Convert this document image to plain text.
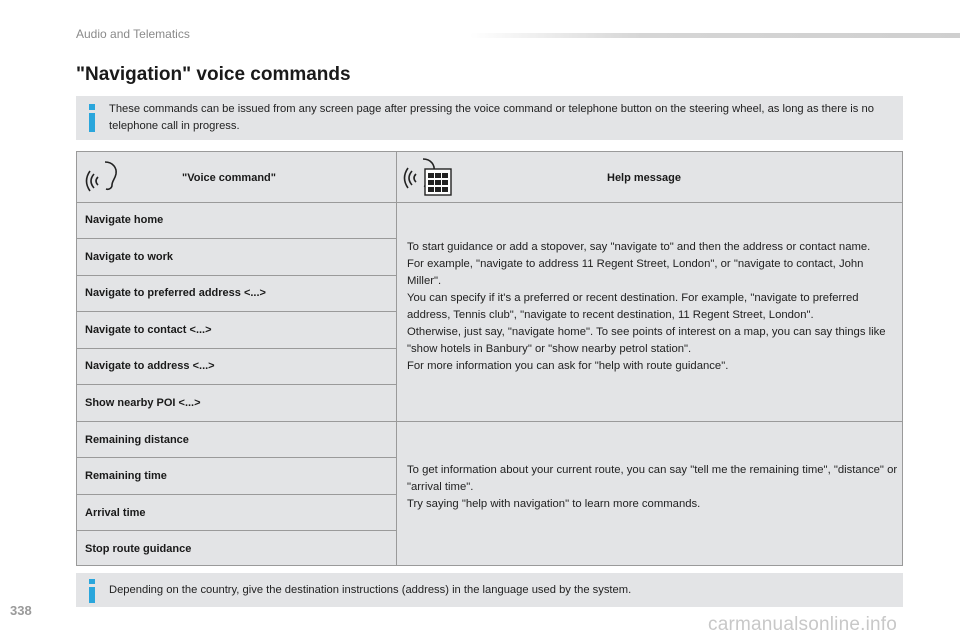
Audio and Telematics
"Navigation" voice commands
These commands can be issued from any screen page after pressing the voice command or telephone button on the steering wheel, as long as there is no telephone call in progress.
"Voice command"	Help message
Navigate home
Navigate to work
Navigate to preferred address <...>
Navigate to contact <...>
Navigate to address <...>
Show nearby POI <...>
To start guidance or add a stopover, say "navigate to" and then the address or contact name.
For example, "navigate to address 11 Regent Street, London", or "navigate to contact, John Miller".
You can specify if it's a preferred or recent destination. For example, "navigate to preferred address, Tennis club", "navigate to recent destination, 11 Regent Street, London".
Otherwise, just say, "navigate home". To see points of interest on a map, you can say things like "show hotels in Banbury" or "show nearby petrol station".
For more information you can ask for "help with route guidance".
Remaining distance
Remaining time
Arrival time
Stop route guidance
To get information about your current route, you can say "tell me the remaining time", "distance" or "arrival time".
Try saying "help with navigation" to learn more commands.
Depending on the country, give the destination instructions (address) in the language used by the system.
338
carmanualsonline.info
